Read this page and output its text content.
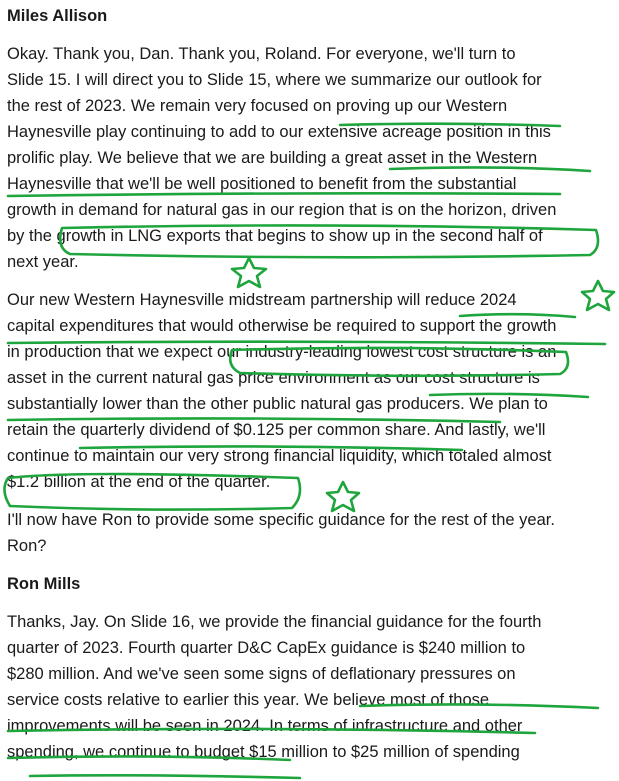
Miles Allison
Okay. Thank you, Dan. Thank you, Roland. For everyone, we'll turn to
Slide 15. I will direct you to Slide 15, where we summarize our outlook for
the rest of 2023. We remain very focused on proving up our Western
Haynesville play continuing to add to our extensive acreage position in this
prolific play. We believe that we are building a great asset in the Western
Haynesville that we'll be well positioned to benefit from the substantial
growth in demand for natural gas in our region that is on the horizon, driven
by the growth in LNG exports that begins to show up in the second half of
next year.
Our new Western Haynesville midstream partnership will reduce 2024
capital expenditures that would otherwise be required to support the growth
in production that we expect our industry-leading lowest cost structure is an
asset in the current natural gas price environment as our cost structure is
substantially lower than the other public natural gas producers. We plan to
retain the quarterly dividend of $0.125 per common share. And lastly, we'll
continue to maintain our very strong financial liquidity, which totaled almost
$1.2 billion at the end of the quarter.
I'll now have Ron to provide some specific guidance for the rest of the year.
Ron?
Ron Mills
Thanks, Jay. On Slide 16, we provide the financial guidance for the fourth
quarter of 2023. Fourth quarter D&C CapEx guidance is $240 million to
$280 million. And we've seen some signs of deflationary pressures on
service costs relative to earlier this year. We believe most of those
improvements will be seen in 2024. In terms of infrastructure and other
spending, we continue to budget $15 million to $25 million of spending
